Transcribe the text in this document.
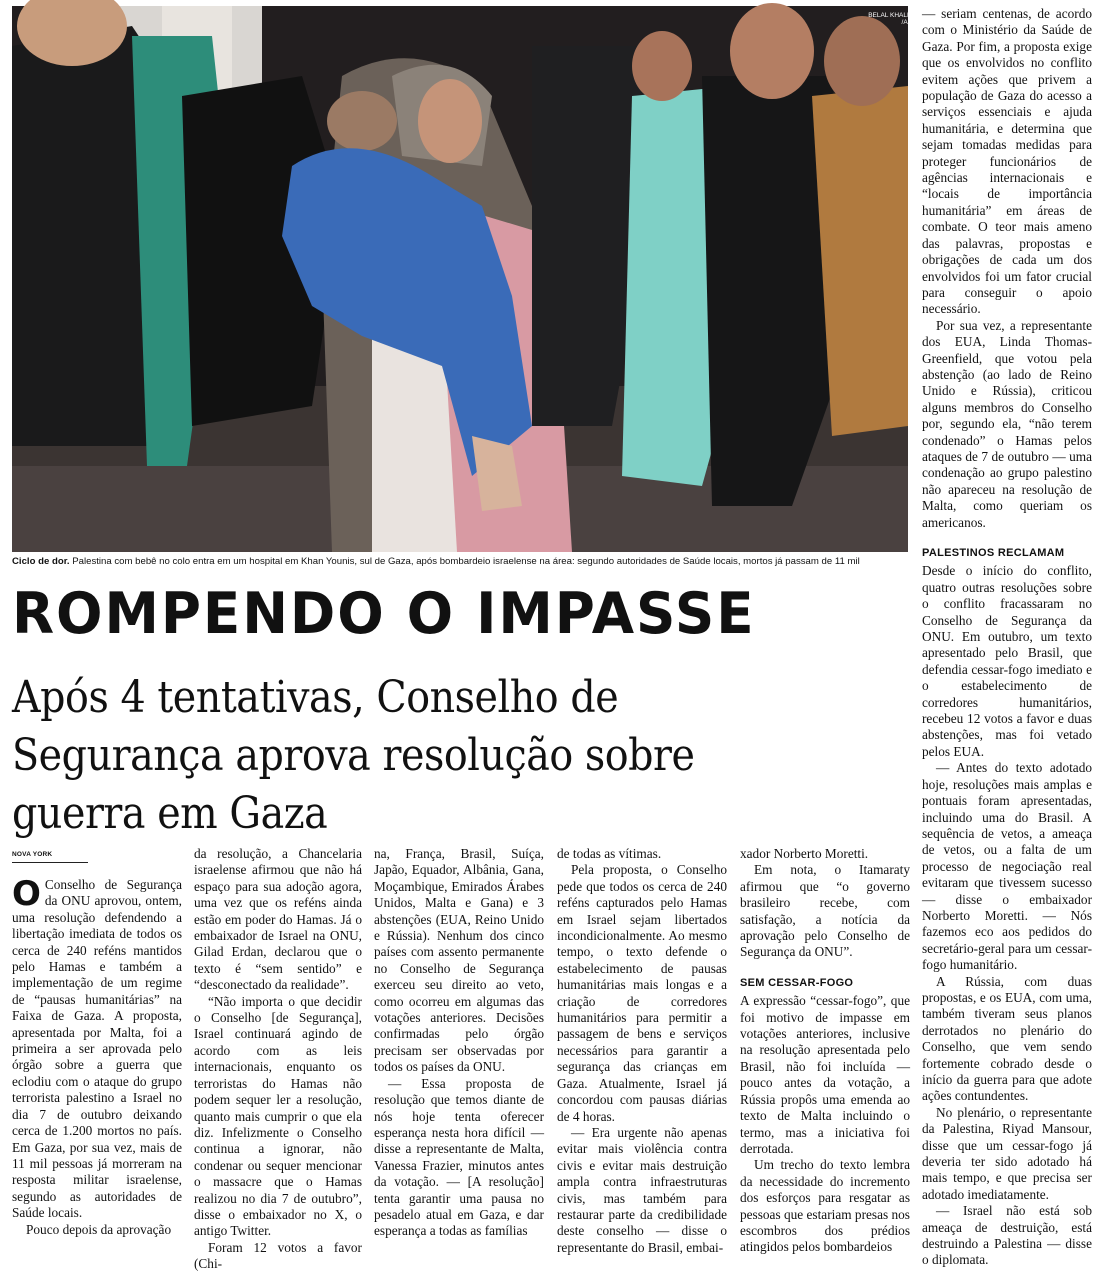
BELAL KHALED /AFP
Ciclo de dor. Palestina com bebê no colo entra em um hospital em Khan Younis, sul de Gaza, após bombardeio israelense na área: segundo autoridades de Saúde locais, mortos já passam de 11 mil
ROMPENDO O IMPASSE
Após 4 tentativas, Conselho de Segurança aprova resolução sobre guerra em Gaza
NOVA YORK

O Conselho de Segurança da ONU aprovou, ontem, uma resolução defendendo a libertação imediata de todos os cerca de 240 reféns mantidos pelo Hamas e também a implementação de um regime de “pausas humanitárias” na Faixa de Gaza. A proposta, apresentada por Malta, foi a primeira a ser aprovada pelo órgão sobre a guerra que eclodiu com o ataque do grupo terrorista palestino a Israel no dia 7 de outubro deixando cerca de 1.200 mortos no país. Em Gaza, por sua vez, mais de 11 mil pessoas já morreram na resposta militar israelense, segundo as autoridades de Saúde locais.

Pouco depois da aprovação

da resolução, a Chancelaria israelense afirmou que não há espaço para sua adoção agora, uma vez que os reféns ainda estão em poder do Hamas. Já o embaixador de Israel na ONU, Gilad Erdan, declarou que o texto é “sem sentido” e “desconectado da realidade”.

“Não importa o que decidir o Conselho [de Segurança], Israel continuará agindo de acordo com as leis internacionais, enquanto os terroristas do Hamas não podem sequer ler a resolução, quanto mais cumprir o que ela diz. Infelizmente o Conselho continua a ignorar, não condenar ou sequer mencionar o massacre que o Hamas realizou no dia 7 de outubro”, disse o embaixador no X, o antigo Twitter.

Foram 12 votos a favor (Chi-

na, França, Brasil, Suíça, Japão, Equador, Albânia, Gana, Moçambique, Emirados Árabes Unidos, Malta e Gana) e 3 abstenções (EUA, Reino Unido e Rússia). Nenhum dos cinco países com assento permanente no Conselho de Segurança exerceu seu direito ao veto, como ocorreu em algumas das votações anteriores. Decisões confirmadas pelo órgão precisam ser observadas por todos os países da ONU.

— Essa proposta de resolução que temos diante de nós hoje tenta oferecer esperança nesta hora difícil — disse a representante de Malta, Vanessa Frazier, minutos antes da votação. — [A resolução] tenta garantir uma pausa no pesadelo atual em Gaza, e dar esperança a todas as famílias

de todas as vítimas.

Pela proposta, o Conselho pede que todos os cerca de 240 reféns capturados pelo Hamas em Israel sejam libertados incondicionalmente. Ao mesmo tempo, o texto defende o estabelecimento de pausas humanitárias mais longas e a criação de corredores humanitários para permitir a passagem de bens e serviços necessários para garantir a segurança das crianças em Gaza. Atualmente, Israel já concordou com pausas diárias de 4 horas.

— Era urgente não apenas evitar mais violência contra civis e evitar mais destruição ampla contra infraestruturas civis, mas também para restaurar parte da credibilidade deste conselho — disse o representante do Brasil, embai-

xador Norberto Moretti.

Em nota, o Itamaraty afirmou que “o governo brasileiro recebe, com satisfação, a notícia da aprovação pelo Conselho de Segurança da ONU”.

SEM CESSAR-FOGO

A expressão “cessar-fogo”, que foi motivo de impasse em votações anteriores, inclusive na resolução apresentada pelo Brasil, não foi incluída — pouco antes da votação, a Rússia propôs uma emenda ao texto de Malta incluindo o termo, mas a iniciativa foi derrotada.

Um trecho do texto lembra da necessidade do incremento dos esforços para resgatar as pessoas que estariam presas nos escombros dos prédios atingidos pelos bombardeios

— seriam centenas, de acordo com o Ministério da Saúde de Gaza. Por fim, a proposta exige que os envolvidos no conflito evitem ações que privem a população de Gaza do acesso a serviços essenciais e ajuda humanitária, e determina que sejam tomadas medidas para proteger funcionários de agências internacionais e “locais de importância humanitária” em áreas de combate. O teor mais ameno das palavras, propostas e obrigações de cada um dos envolvidos foi um fator crucial para conseguir o apoio necessário.

Por sua vez, a representante dos EUA, Linda Thomas-Greenfield, que votou pela abstenção (ao lado de Reino Unido e Rússia), criticou alguns membros do Conselho por, segundo ela, “não terem condenado” o Hamas pelos ataques de 7 de outubro — uma condenação ao grupo palestino não apareceu na resolução de Malta, como queriam os americanos.

PALESTINOS RECLAMAM

Desde o início do conflito, quatro outras resoluções sobre o conflito fracassaram no Conselho de Segurança da ONU. Em outubro, um texto apresentado pelo Brasil, que defendia cessar-fogo imediato e o estabelecimento de corredores humanitários, recebeu 12 votos a favor e duas abstenções, mas foi vetado pelos EUA.

— Antes do texto adotado hoje, resoluções mais amplas e pontuais foram apresentadas, incluindo uma do Brasil. A sequência de vetos, a ameaça de vetos, ou a falta de um processo de negociação real evitaram que tivessem sucesso — disse o embaixador Norberto Moretti. — Nós fazemos eco aos pedidos do secretário-geral para um cessar-fogo humanitário.

A Rússia, com duas propostas, e os EUA, com uma, também tiveram seus planos derrotados no plenário do Conselho, que vem sendo fortemente cobrado desde o início da guerra para que adote ações contundentes.

No plenário, o representante da Palestina, Riyad Mansour, disse que um cessar-fogo já deveria ter sido adotado há mais tempo, e que precisa ser adotado imediatamente.

— Israel não está sob ameaça de destruição, está destruindo a Palestina — disse o diplomata.
